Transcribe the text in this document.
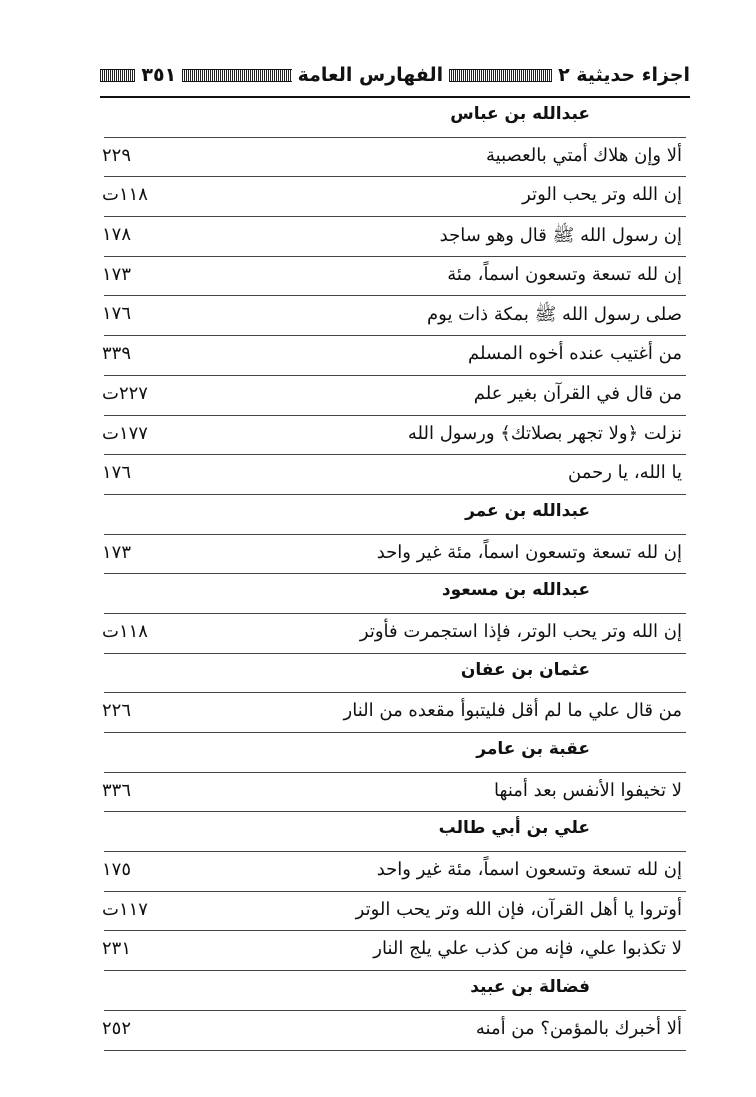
اجزاء حديثية ٢
الفهارس العامة
٣٥١
عبدالله بن عباس
ألا وإن هلاك أمتي بالعصبية
٢٢٩
إن الله وتر يحب الوتر
١١٨ت
إن رسول الله ﷺ قال وهو ساجد
١٧٨
إن لله تسعة وتسعون اسماً، مئة
١٧٣
صلى رسول الله ﷺ بمكة ذات يوم
١٧٦
من أغتيب عنده أخوه المسلم
٣٣٩
من قال في القرآن بغير علم
٢٢٧ت
نزلت ﴿ولا تجهر بصلاتك﴾ ورسول الله
١٧٧ت
يا الله، يا رحمن
١٧٦
عبدالله بن عمر
إن لله تسعة وتسعون اسماً، مئة غير واحد
١٧٣
عبدالله بن مسعود
إن الله وتر يحب الوتر، فإذا استجمرت فأوتر
١١٨ت
عثمان بن عفان
من قال علي ما لم أقل فليتبوأ مقعده من النار
٢٢٦
عقبة بن عامر
لا تخيفوا الأنفس بعد أمنها
٣٣٦
علي بن أبي طالب
إن لله تسعة وتسعون اسماً، مئة غير واحد
١٧٥
أوتروا يا أهل القرآن، فإن الله وتر يحب الوتر
١١٧ت
لا تكذبوا علي، فإنه من كذب علي يلج النار
٢٣١
فضالة بن عبيد
ألا أخبرك بالمؤمن؟ من أمنه
٢٥٢
